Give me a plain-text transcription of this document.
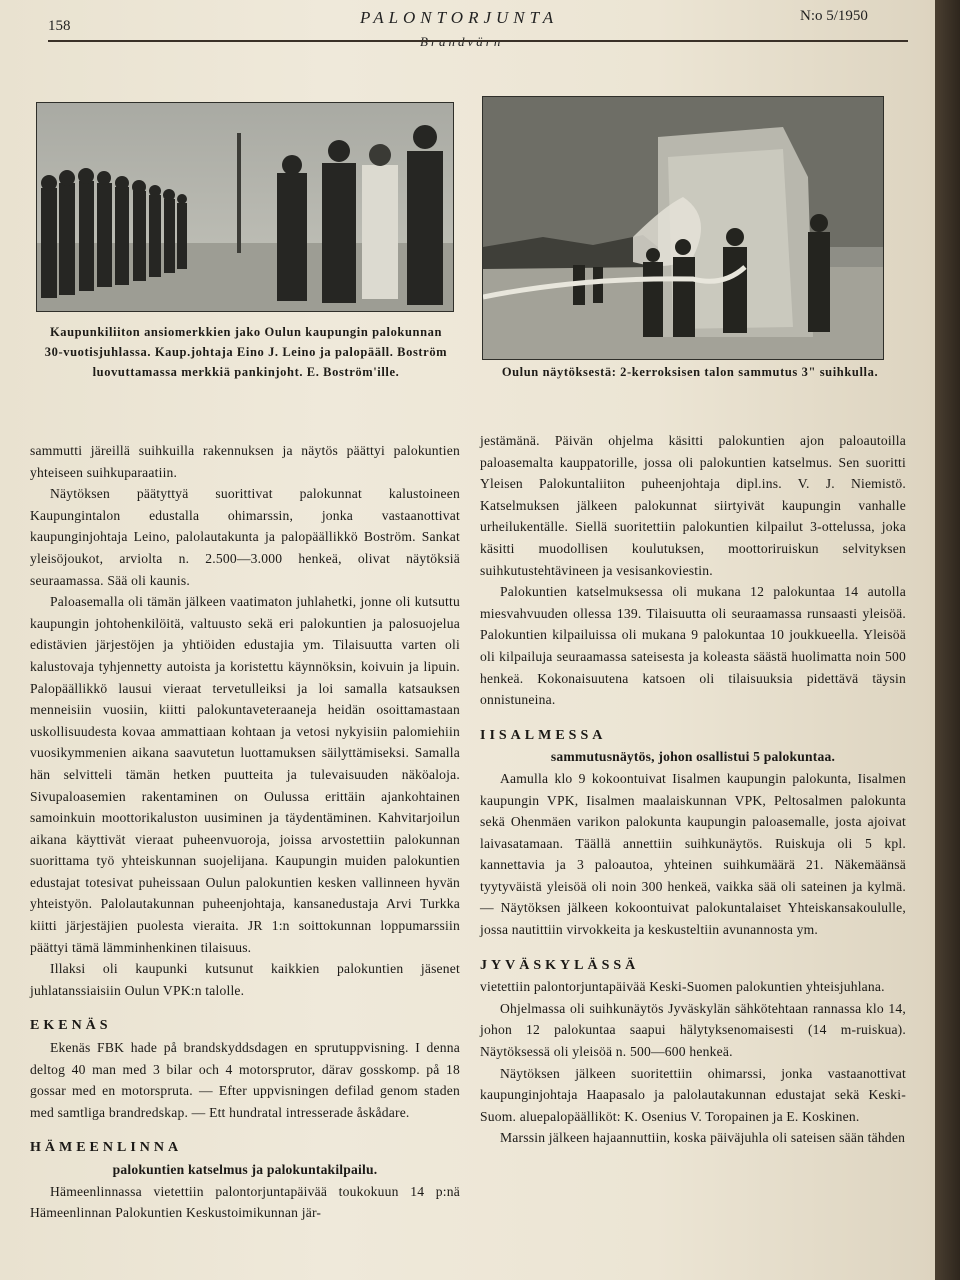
158	PALONTORJUNTA	N:o 5/1950
Kaupunkiliiton ansiomerkkien jako Oulun kaupungin palokunnan 30-vuotisjuhlassa. Kaup.johtaja Eino J. Leino ja palopääll. Boström luovuttamassa merkkiä pankinjoht. E. Boström'ille.	Oulun näytöksestä: 2-kerroksisen talon sammutus 3" suihkulla.

sammutti järeillä suihkuilla rakennuksen ja näytös päättyi palokuntien yhteiseen suihkuparaatiin.

Näytöksen päätyttyä suorittivat palokunnat kalustoineen Kaupungintalon edustalla ohimarssin, jonka vastaanottivat kaupunginjohtaja Leino, palolautakunta ja palopäällikkö Boström. Sankat yleisöjoukot, arviolta n. 2.500—3.000 henkeä, olivat näytöksiä seuraamassa. Sää oli kaunis.

Paloasemalla oli tämän jälkeen vaatimaton juhlahetki, jonne oli kutsuttu kaupungin johtohenkilöitä, valtuusto sekä eri palokuntien ja palosuojelua edistävien järjestöjen ja yhtiöiden edustajia ym. Tilaisuutta varten oli kalustovaja tyhjennetty autoista ja koristettu käynnöksin, koivuin ja lipuin. Palopäällikkö lausui vieraat tervetulleiksi ja loi samalla katsauksen menneisiin vuosiin, kiitti palokuntaveteraaneja heidän osoittamastaan uskollisuudesta kovaa ammattiaan kohtaan ja vetosi nykyisiin palomiehiin vuosikymmenien aikana saavutetun luottamuksen säilyttämiseksi. Samalla hän selvitteli tämän hetken puutteita ja tulevaisuuden näköaloja. Sivupaloasemien rakentaminen on Oulussa erittäin ajankohtainen samoinkuin moottorikaluston uusiminen ja täydentäminen. Kahvitarjoilun aikana käyttivät vieraat puheenvuoroja, joissa arvostettiin palokunnan suorittama työ yhteiskunnan suojelijana. Kaupungin muiden palokuntien edustajat totesivat puheissaan Oulun palokuntien kesken vallinneen hyvän yhteistyön. Palolautakunnan puheenjohtaja, kansanedustaja Arvi Turkka kiitti järjestäjien puolesta vieraita. JR 1:n soittokunnan loppumarssiin päättyi tämä lämminhenkinen tilaisuus.

Illaksi oli kaupunki kutsunut kaikkien palokuntien jäsenet juhlatanssiaisiin Oulun VPK:n talolle.

EKENÄS

Ekenäs FBK hade på brandskyddsdagen en sprutuppvisning. I denna deltog 40 man med 3 bilar och 4 motorsprutor, därav gosskomp. på 18 gossar med en motorspruta. — Efter uppvisningen defilad genom staden med samtliga brandredskap. — Ett hundratal intresserade åskådare.

HÄMEENLINNA

palokuntien katselmus ja palokuntakilpailu.

Hämeenlinnassa vietettiin palontorjuntapäivää toukokuun 14 p:nä Hämeenlinnan Palokuntien Keskustoimikunnan jär-

jestämänä. Päivän ohjelma käsitti palokuntien ajon paloautoilla paloasemalta kauppatorille, jossa oli palokuntien katselmus. Sen suoritti Yleisen Palokuntaliiton puheenjohtaja dipl.ins. V. J. Niemistö. Katselmuksen jälkeen palokunnat siirtyivät kaupungin vanhalle urheilukentälle. Siellä suoritettiin palokuntien kilpailut 3-ottelussa, joka käsitti muodollisen koulutuksen, moottoriruiskun selvityksen suihkutustehtävineen ja vesisankoviestin.

Palokuntien katselmuksessa oli mukana 12 palokuntaa 14 autolla miesvahvuuden ollessa 139. Tilaisuutta oli seuraamassa runsaasti yleisöä. Palokuntien kilpailuissa oli mukana 9 palokuntaa 10 joukkueella. Yleisöä oli kilpailuja seuraamassa sateisesta ja koleasta säästä huolimatta noin 500 henkeä. Kokonaisuutena katsoen oli tilaisuuksia pidettävä täysin onnistuneina.

IISALMESSA

sammutusnäytös, johon osallistui 5 palokuntaa.

Aamulla klo 9 kokoontuivat Iisalmen kaupungin palokunta, Iisalmen kaupungin VPK, Iisalmen maalaiskunnan VPK, Peltosalmen palokunta sekä Ohenmäen varikon palokunta kaupungin paloasemalle, josta ajoivat laivasatamaan. Täällä annettiin suihkunäytös. Ruiskuja oli 5 kpl. kannettavia ja 3 paloautoa, yhteinen suihkumäärä 21. Näkemäänsä tyytyväistä yleisöä oli noin 300 henkeä, vaikka sää oli sateinen ja kylmä. — Näytöksen jälkeen kokoontuivat palokuntalaiset Yhteiskansakoululle, jossa nautittiin virvokkeita ja keskusteltiin avunannosta ym.

JYVÄSKYLÄSSÄ

vietettiin palontorjuntapäivää Keski-Suomen palokuntien yhteisjuhlana.

Ohjelmassa oli suihkunäytös Jyväskylän sähkötehtaan rannassa klo 14, johon 12 palokuntaa saapui hälytyksenomaisesti (14 m-ruiskua). Näytöksessä oli yleisöä n. 500—600 henkeä.

Näytöksen jälkeen suoritettiin ohimarssi, jonka vastaanottivat kaupunginjohtaja Haapasalo ja palolautakunnan edustajat sekä Keski-Suom. aluepalopäälliköt: K. Osenius V. Toropainen ja E. Koskinen.

Marssin jälkeen hajaannuttiin, koska päiväjuhla oli sateisen sään tähden
